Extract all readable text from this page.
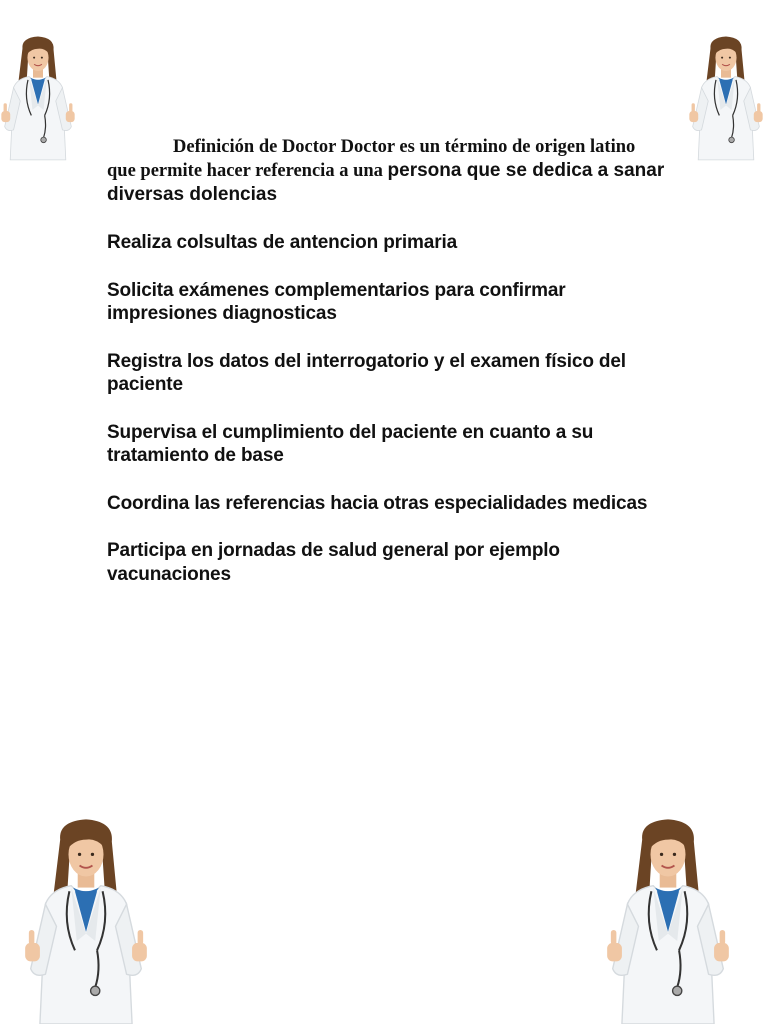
Definición de Doctor Doctor es un término de origen latino
que permite hacer referencia a una persona que se dedica a sanar diversas dolencias

Realiza colsultas de antencion primaria

Solicita exámenes complementarios para confirmar impresiones diagnosticas

Registra los datos del interrogatorio y el examen físico del paciente

Supervisa el cumplimiento del paciente en cuanto a su tratamiento de base

Coordina las referencias hacia otras especialidades medicas

Participa en jornadas de salud general por ejemplo vacunaciones
